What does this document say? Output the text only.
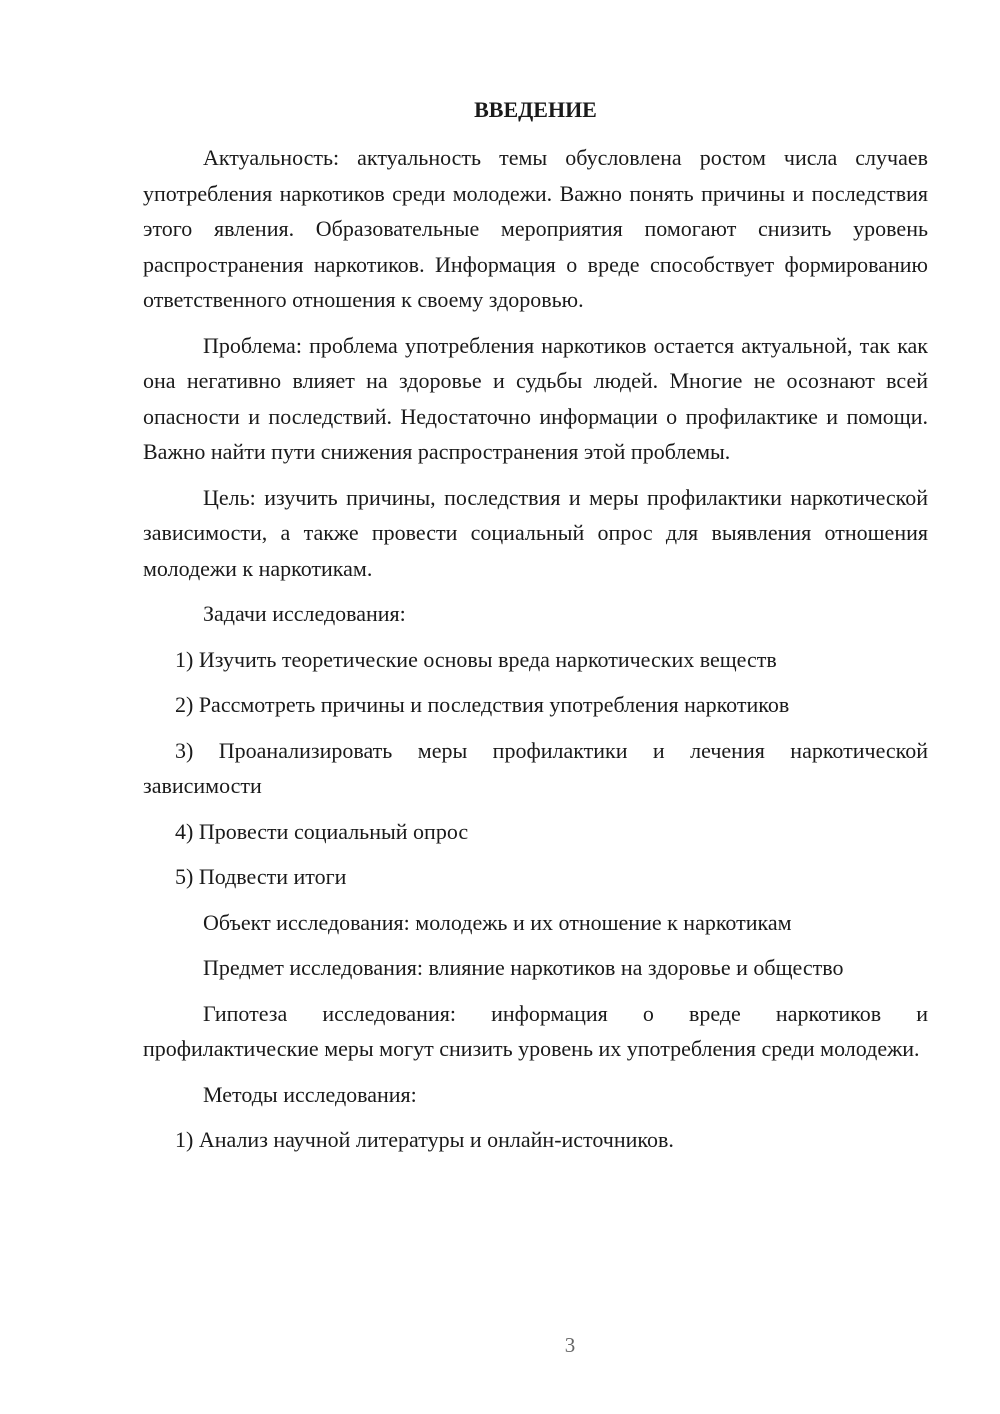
ВВЕДЕНИЕ

Актуальность: актуальность темы обусловлена ростом числа случаев употребления наркотиков среди молодежи. Важно понять причины и последствия этого явления. Образовательные мероприятия помогают снизить уровень распространения наркотиков. Информация о вреде способствует формированию ответственного отношения к своему здоровью.

Проблема: проблема употребления наркотиков остается актуальной, так как она негативно влияет на здоровье и судьбы людей. Многие не осознают всей опасности и последствий. Недостаточно информации о профилактике и помощи. Важно найти пути снижения распространения этой проблемы.

Цель: изучить причины, последствия и меры профилактики наркотической зависимости, а также провести социальный опрос для выявления отношения молодежи к наркотикам.

Задачи исследования:

1) Изучить теоретические основы вреда наркотических веществ

2) Рассмотреть причины и последствия употребления наркотиков

3) Проанализировать меры профилактики и лечения наркотической зависимости

4) Провести социальный опрос

5) Подвести итоги

Объект исследования: молодежь и их отношение к наркотикам

Предмет исследования: влияние наркотиков на здоровье и общество

Гипотеза исследования: информация о вреде наркотиков и профилактические меры могут снизить уровень их употребления среди молодежи.

Методы исследования:

1) Анализ научной литературы и онлайн-источников.

3
